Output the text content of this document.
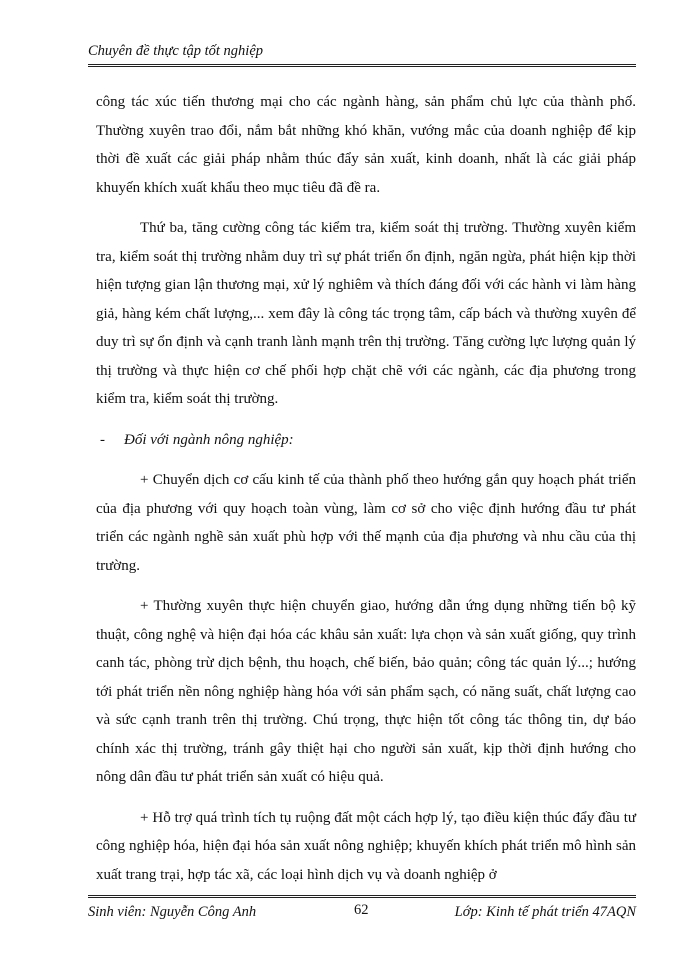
Chuyên đề thực tập tốt nghiệp

công tác xúc tiến thương mại cho các ngành hàng, sản phẩm chủ lực của thành phố. Thường xuyên trao đổi, nắm bắt những khó khăn, vướng mắc của doanh nghiệp để kịp thời đề xuất các giải pháp nhằm thúc đẩy sản xuất, kinh doanh, nhất là các giải pháp khuyến khích xuất khẩu theo mục tiêu đã đề ra.

Thứ ba, tăng cường công tác kiểm tra, kiểm soát thị trường. Thường xuyên kiểm tra, kiểm soát thị trường nhằm duy trì sự phát triển ổn định, ngăn ngừa, phát hiện kịp thời hiện tượng gian lận thương mại, xử lý nghiêm và thích đáng đối với các hành vi làm hàng giả, hàng kém chất lượng,... xem đây là công tác trọng tâm, cấp bách và thường xuyên để duy trì sự ổn định và cạnh tranh lành mạnh trên thị trường. Tăng cường lực lượng quản lý thị trường và thực hiện cơ chế phối hợp chặt chẽ với các ngành, các địa phương trong kiểm tra, kiểm soát thị trường.

- Đối với ngành nông nghiệp:

+ Chuyển dịch cơ cấu kinh tế của thành phố theo hướng gắn quy hoạch phát triển của địa phương với quy hoạch toàn vùng, làm cơ sở cho việc định hướng đầu tư phát triển các ngành nghề sản xuất phù hợp với thế mạnh của địa phương và nhu cầu của thị trường.

+ Thường xuyên thực hiện chuyển giao, hướng dẫn ứng dụng những tiến bộ kỹ thuật, công nghệ và hiện đại hóa các khâu sản xuất: lựa chọn và sản xuất giống, quy trình canh tác, phòng trừ dịch bệnh, thu hoạch, chế biến, bảo quản; công tác quản lý...; hướng tới phát triển nền nông nghiệp hàng hóa với sản phẩm sạch, có năng suất, chất lượng cao và sức cạnh tranh trên thị trường. Chú trọng, thực hiện tốt công tác thông tin, dự báo chính xác thị trường, tránh gây thiệt hại cho người sản xuất, kịp thời định hướng cho nông dân đầu tư phát triển sản xuất có hiệu quả.

+ Hỗ trợ quá trình tích tụ ruộng đất một cách hợp lý, tạo điều kiện thúc đẩy đầu tư công nghiệp hóa, hiện đại hóa sản xuất nông nghiệp; khuyến khích phát triển mô hình sản xuất trang trại, hợp tác xã, các loại hình dịch vụ và doanh nghiệp ở

Sinh viên: Nguyễn Công Anh	62	Lớp: Kinh tế phát triển 47AQN
